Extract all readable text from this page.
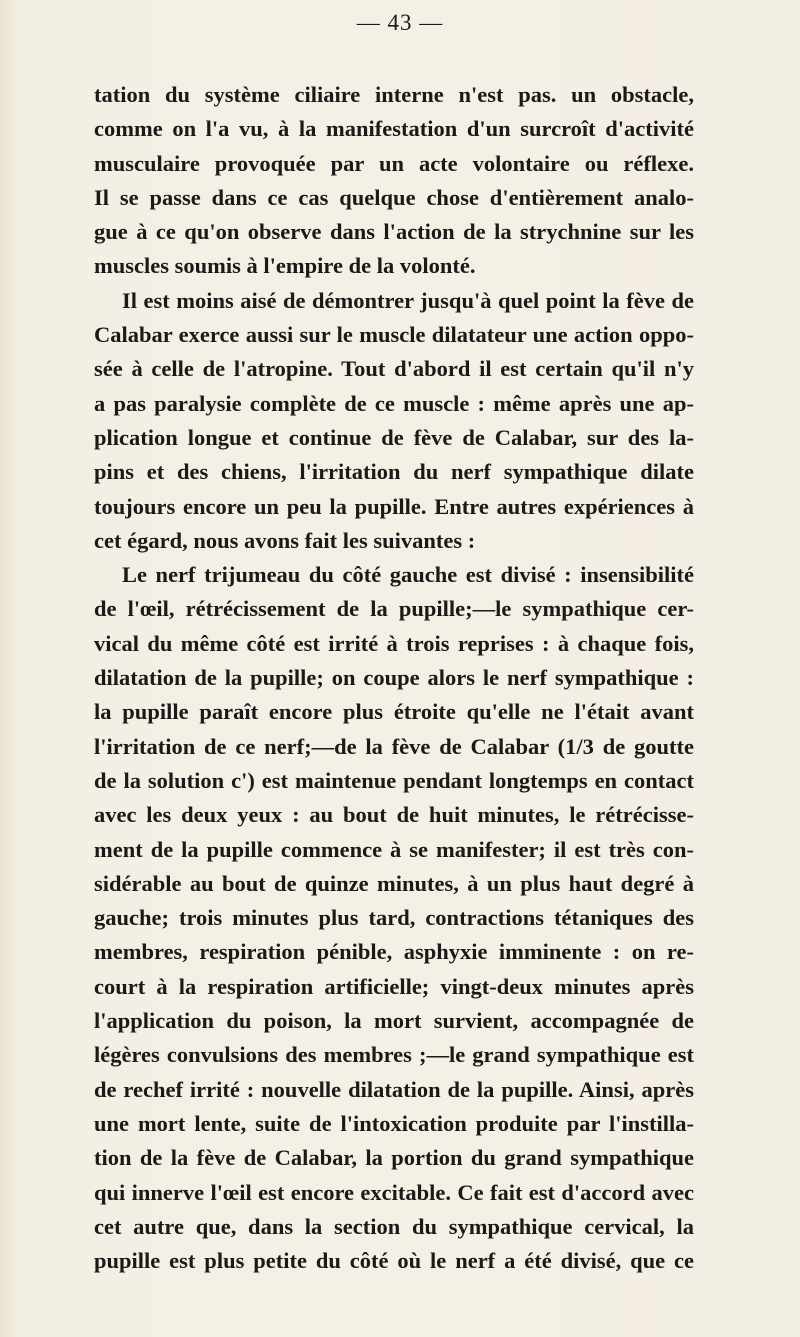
— 43 —
tation du système ciliaire interne n'est pas. un obstacle,
comme on l'a vu, à la manifestation d'un surcroît d'activité
musculaire provoquée par un acte volontaire ou réflexe.
Il se passe dans ce cas quelque chose d'entièrement analo-
gue à ce qu'on observe dans l'action de la strychnine sur les
muscles soumis à l'empire de la volonté.
Il est moins aisé de démontrer jusqu'à quel point la fève de
Calabar exerce aussi sur le muscle dilatateur une action oppo-
sée à celle de l'atropine. Tout d'abord il est certain qu'il n'y
a pas paralysie complète de ce muscle : même après une ap-
plication longue et continue de fève de Calabar, sur des la-
pins et des chiens, l'irritation du nerf sympathique dilate
toujours encore un peu la pupille. Entre autres expériences à
cet égard, nous avons fait les suivantes :
Le nerf trijumeau du côté gauche est divisé : insensibilité
de l'œil, rétrécissement de la pupille;—le sympathique cer-
vical du même côté est irrité à trois reprises : à chaque fois,
dilatation de la pupille; on coupe alors le nerf sympathique :
la pupille paraît encore plus étroite qu'elle ne l'était avant
l'irritation de ce nerf;—de la fève de Calabar (1/3 de goutte
de la solution c') est maintenue pendant longtemps en contact
avec les deux yeux : au bout de huit minutes, le rétrécisse-
ment de la pupille commence à se manifester; il est très con-
sidérable au bout de quinze minutes, à un plus haut degré à
gauche; trois minutes plus tard, contractions tétaniques des
membres, respiration pénible, asphyxie imminente : on re-
court à la respiration artificielle; vingt-deux minutes après
l'application du poison, la mort survient, accompagnée de
légères convulsions des membres ;—le grand sympathique est
de rechef irrité : nouvelle dilatation de la pupille. Ainsi, après
une mort lente, suite de l'intoxication produite par l'instilla-
tion de la fève de Calabar, la portion du grand sympathique
qui innerve l'œil est encore excitable. Ce fait est d'accord avec
cet autre que, dans la section du sympathique cervical, la
pupille est plus petite du côté où le nerf a été divisé, que ce
